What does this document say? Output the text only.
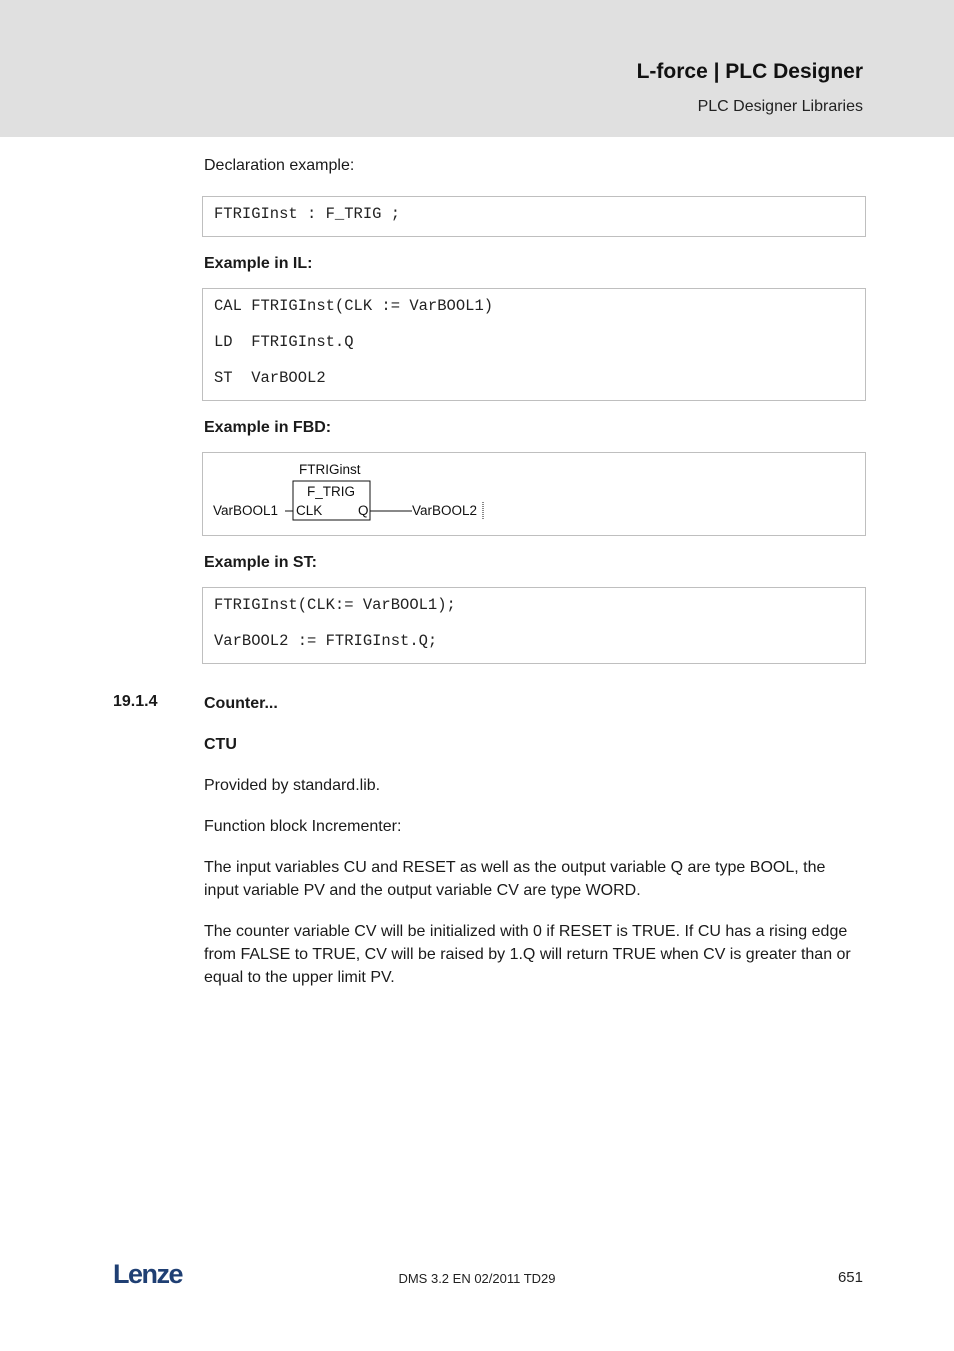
L-force | PLC Designer
PLC Designer Libraries
Declaration example:
FTRIGInst : F_TRIG ;
Example in IL:
CAL FTRIGInst(CLK := VarBOOL1)
LD  FTRIGInst.Q
ST  VarBOOL2
Example in FBD:
FTRIGinst
F_TRIG
CLK	Q
VarBOOL1	VarBOOL2
Example in ST:
FTRIGInst(CLK:= VarBOOL1);
VarBOOL2 := FTRIGInst.Q;
19.1.4	Counter...
CTU
Provided by standard.lib.
Function block Incrementer:
The input variables CU and RESET as well as the output variable Q are type BOOL, the input variable PV and the output variable CV are type WORD.
The counter variable CV will be initialized with 0 if RESET is TRUE. If CU has a rising edge from FALSE to TRUE, CV will be raised by 1.Q will return TRUE when CV is greater than or equal to the upper limit PV.
Lenze	DMS 3.2 EN 02/2011 TD29	651
